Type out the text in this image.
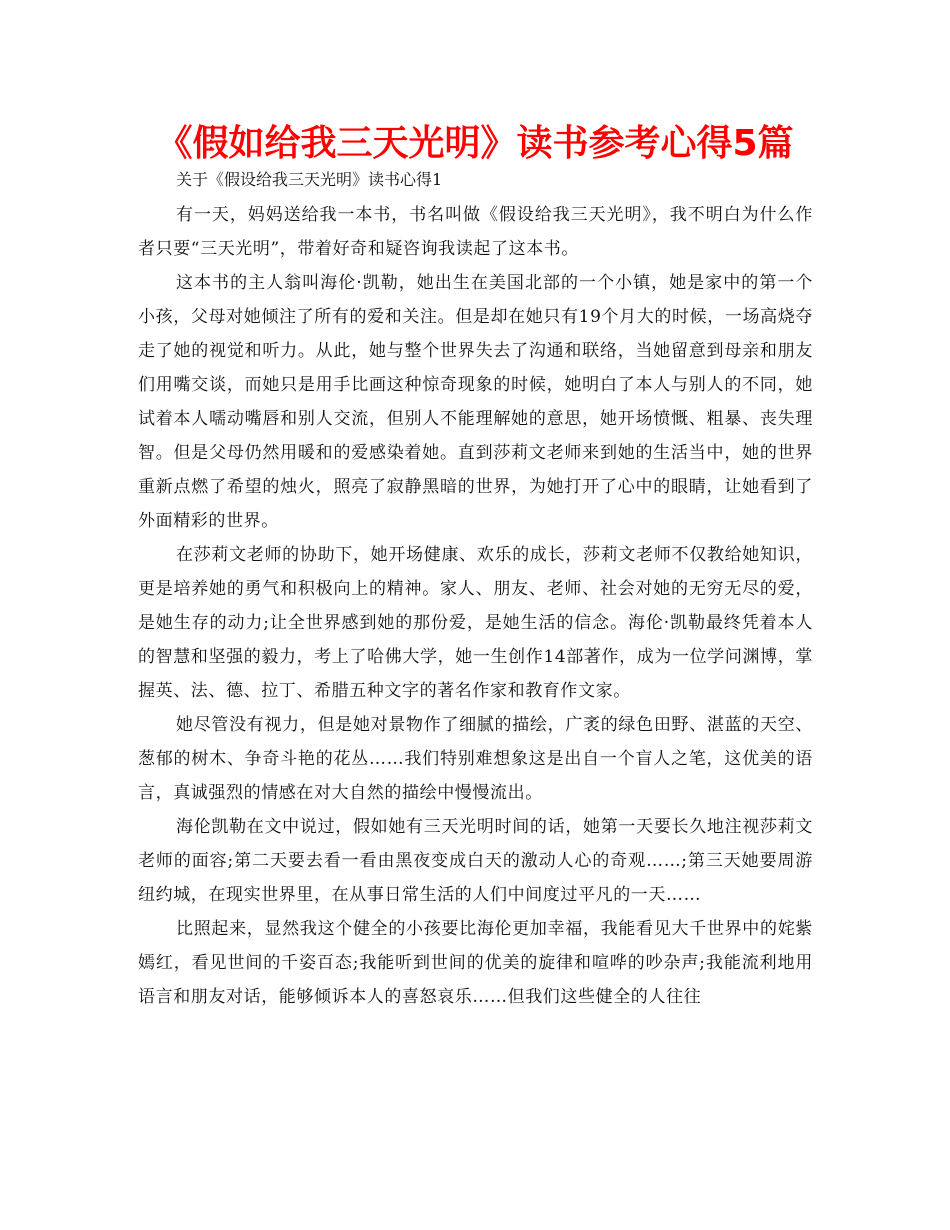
《假如给我三天光明》读书参考心得5篇

关于《假设给我三天光明》读书心得1

有一天，妈妈送给我一本书，书名叫做《假设给我三天光明》，我不明白为什么作者只要“三天光明”，带着好奇和疑咨询我读起了这本书。

这本书的主人翁叫海伦·凯勒，她出生在美国北部的一个小镇，她是家中的第一个小孩，父母对她倾注了所有的爱和关注。但是却在她只有19个月大的时候，一场高烧夺走了她的视觉和听力。从此，她与整个世界失去了沟通和联络，当她留意到母亲和朋友们用嘴交谈，而她只是用手比画这种惊奇现象的时候，她明白了本人与别人的不同，她试着本人嚅动嘴唇和别人交流，但别人不能理解她的意思，她开场愤慨、粗暴、丧失理智。但是父母仍然用暖和的爱感染着她。直到莎莉文老师来到她的生活当中，她的世界重新点燃了希望的烛火，照亮了寂静黑暗的世界，为她打开了心中的眼睛，让她看到了外面精彩的世界。

在莎莉文老师的协助下，她开场健康、欢乐的成长，莎莉文老师不仅教给她知识，更是培养她的勇气和积极向上的精神。家人、朋友、老师、社会对她的无穷无尽的爱，是她生存的动力;让全世界感到她的那份爱，是她生活的信念。海伦·凯勒最终凭着本人的智慧和坚强的毅力，考上了哈佛大学，她一生创作14部著作，成为一位学问渊博，掌握英、法、德、拉丁、希腊五种文字的著名作家和教育作文家。

她尽管没有视力，但是她对景物作了细腻的描绘，广袤的绿色田野、湛蓝的天空、葱郁的树木、争奇斗艳的花丛……我们特别难想象这是出自一个盲人之笔，这优美的语言，真诚强烈的情感在对大自然的描绘中慢慢流出。

海伦凯勒在文中说过，假如她有三天光明时间的话，她第一天要长久地注视莎莉文老师的面容;第二天要去看一看由黑夜变成白天的激动人心的奇观……;第三天她要周游纽约城，在现实世界里，在从事日常生活的人们中间度过平凡的一天……

比照起来，显然我这个健全的小孩要比海伦更加幸福，我能看见大千世界中的姹紫嫣红，看见世间的千姿百态;我能听到世间的优美的旋律和喧哗的吵杂声;我能流利地用语言和朋友对话，能够倾诉本人的喜怒哀乐……但我们这些健全的人往往
